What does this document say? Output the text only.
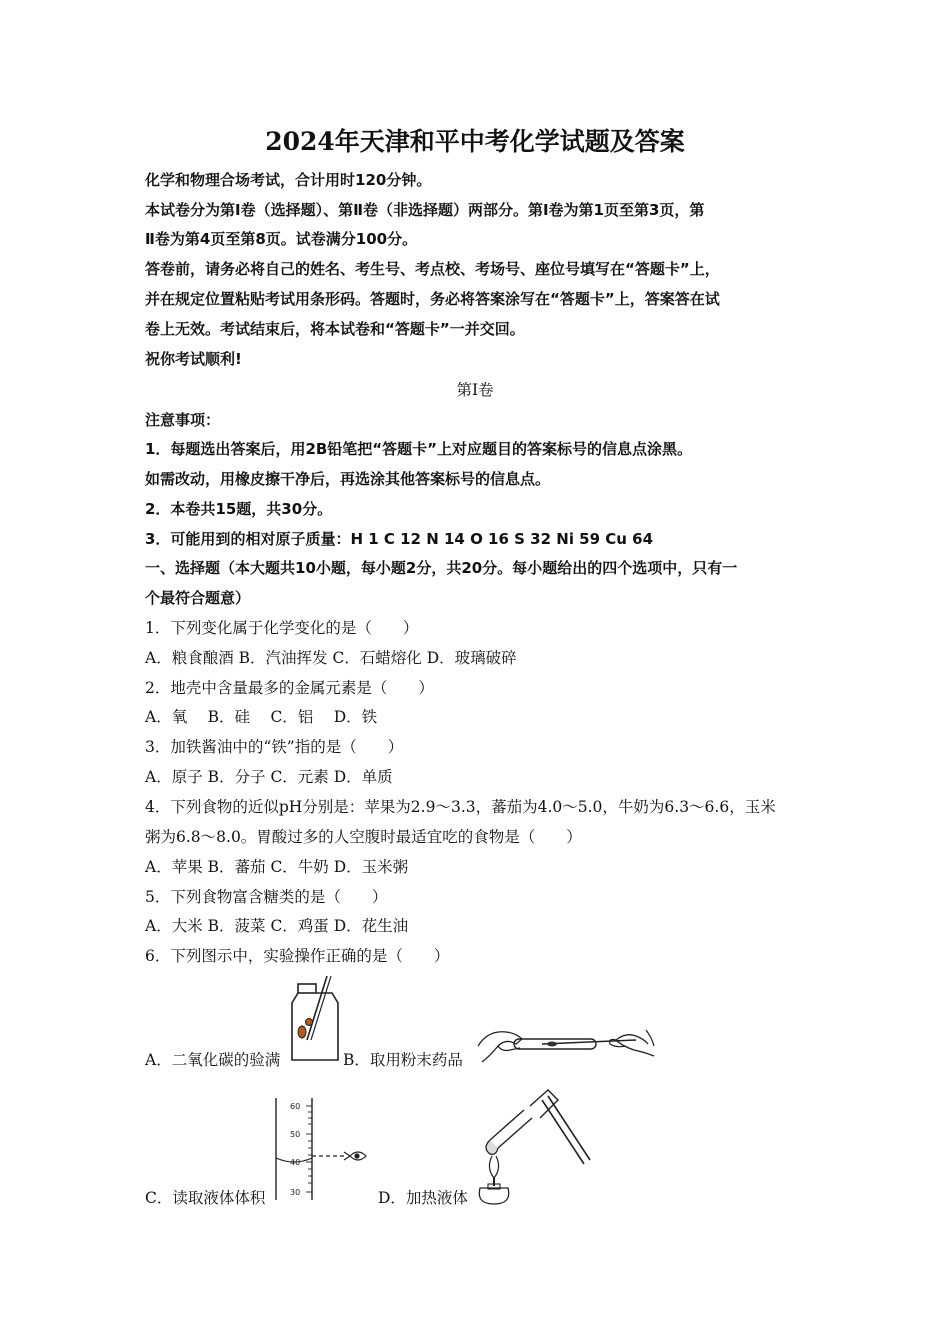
2024年天津和平中考化学试题及答案
化学和物理合场考试，合计用时120分钟。
本试卷分为第Ⅰ卷（选择题）、第Ⅱ卷（非选择题）两部分。第Ⅰ卷为第1页至第3页，第
Ⅱ卷为第4页至第8页。试卷满分100分。
答卷前，请务必将自己的姓名、考生号、考点校、考场号、座位号填写在“答题卡”上，
并在规定位置粘贴考试用条形码。答题时，务必将答案涂写在“答题卡”上，答案答在试
卷上无效。考试结束后，将本试卷和“答题卡”一并交回。
祝你考试顺利!
第Ⅰ卷
注意事项：
1．每题选出答案后，用2B铅笔把“答题卡”上对应题目的答案标号的信息点涂黑。
如需改动，用橡皮擦干净后，再选涂其他答案标号的信息点。
2．本卷共15题，共30分。
3．可能用到的相对原子质量：H 1 C 12 N 14 O 16 S 32 Ni 59 Cu 64
一、选择题（本大题共10小题，每小题2分，共20分。每小题给出的四个选项中，只有一
个最符合题意）
1．下列变化属于化学变化的是（　　）
A．粮食酿酒 B．汽油挥发 C．石蜡熔化 D．玻璃破碎
2．地壳中含量最多的金属元素是（　　）
A．氧　 B．硅　 C．铝　 D．铁
3．加铁酱油中的“铁”指的是（　　）
A．原子 B．分子 C．元素 D．单质
4．下列食物的近似pH分别是：苹果为2.9～3.3，蕃茄为4.0～5.0，牛奶为6.3～6.6，玉米
粥为6.8～8.0。胃酸过多的人空腹时最适宜吃的食物是（　　）
A．苹果 B．蕃茄 C．牛奶 D．玉米粥
5．下列食物富含糖类的是（　　）
A．大米 B．菠菜 C．鸡蛋 D．花生油
6．下列图示中，实验操作正确的是（　　）
A．二氧化碳的验满	B．取用粉末药品
C．读取液体体积	D．加热液体
60
50
40
30
